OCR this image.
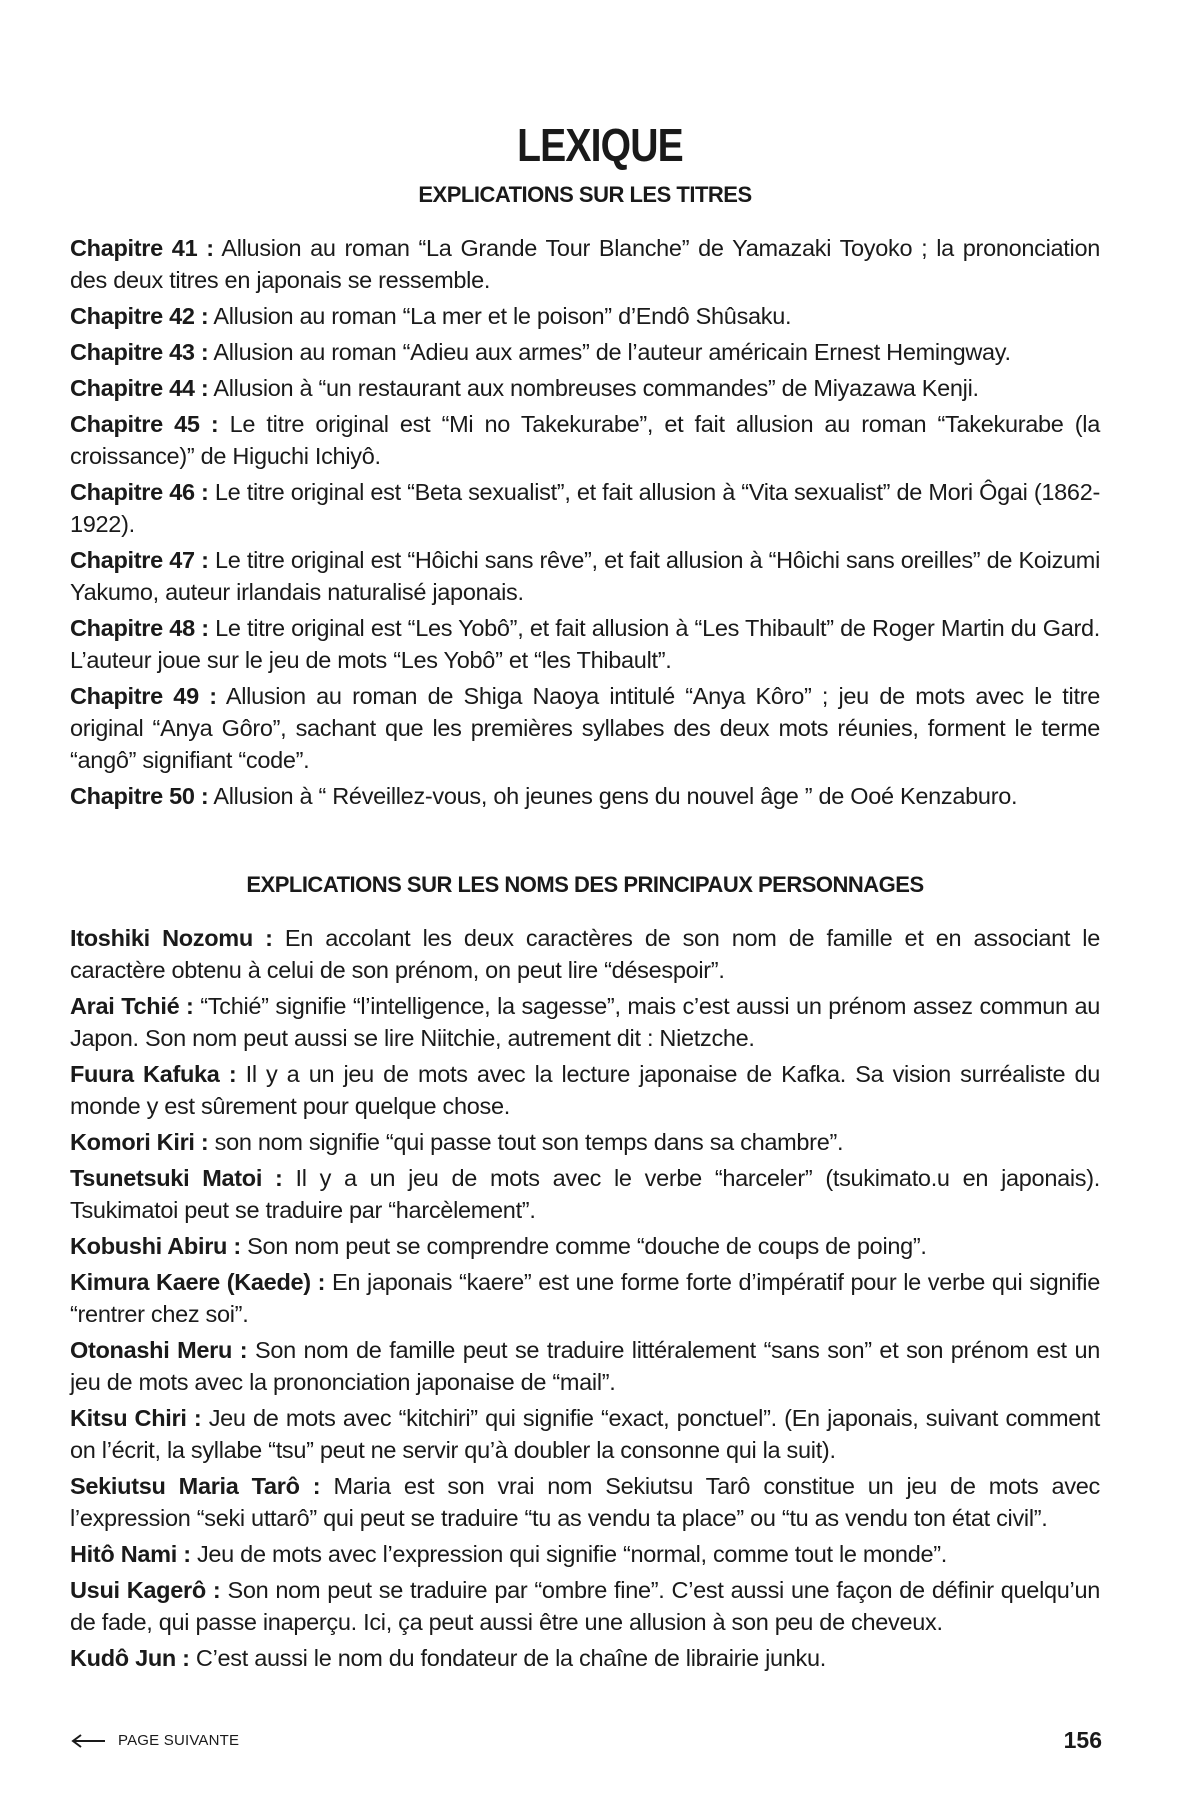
LEXIQUE
EXPLICATIONS SUR LES TITRES

Chapitre 41 : Allusion au roman “La Grande Tour Blanche” de Yamazaki Toyoko ; la prononciation des deux titres en japonais se ressemble.

Chapitre 42 : Allusion au roman “La mer et le poison” d’Endô Shûsaku.

Chapitre 43 : Allusion au roman “Adieu aux armes” de l’auteur américain Ernest Hemingway.

Chapitre 44 : Allusion à “un restaurant aux nombreuses commandes” de Miyazawa Kenji.

Chapitre 45 : Le titre original est “Mi no Takekurabe”, et fait allusion au roman “Takekurabe (la croissance)” de Higuchi Ichiyô.

Chapitre 46 : Le titre original est “Beta sexualist”, et fait allusion à “Vita sexualist” de Mori Ôgai (1862-1922).

Chapitre 47 : Le titre original est “Hôichi sans rêve”, et fait allusion à “Hôichi sans oreilles” de Koizumi Yakumo, auteur irlandais naturalisé japonais.

Chapitre 48 : Le titre original est “Les Yobô”, et fait allusion à “Les Thibault” de Roger Martin du Gard. L’auteur joue sur le jeu de mots “Les Yobô” et “les Thibault”.

Chapitre 49 : Allusion au roman de Shiga Naoya intitulé “Anya Kôro” ; jeu de mots avec le titre original “Anya Gôro”, sachant que les premières syllabes des deux mots réunies, forment le terme “angô” signifiant “code”.

Chapitre 50 : Allusion à “ Réveillez-vous, oh jeunes gens du nouvel âge ” de Ooé Kenzaburo.

EXPLICATIONS SUR LES NOMS DES PRINCIPAUX PERSONNAGES

Itoshiki Nozomu : En accolant les deux caractères de son nom de famille et en associant le caractère obtenu à celui de son prénom, on peut lire “désespoir”.

Arai Tchié : “Tchié” signifie “l’intelligence, la sagesse”, mais c’est aussi un prénom assez commun au Japon. Son nom peut aussi se lire Niitchie, autrement dit : Nietzche.

Fuura Kafuka : Il y a un jeu de mots avec la lecture japonaise de Kafka. Sa vision surréaliste du monde y est sûrement pour quelque chose.

Komori Kiri : son nom signifie “qui passe tout son temps dans sa chambre”.

Tsunetsuki Matoi : Il y a un jeu de mots avec le verbe “harceler” (tsukimato.u en japonais). Tsukimatoi peut se traduire par “harcèlement”.

Kobushi Abiru : Son nom peut se comprendre comme “douche de coups de poing”.

Kimura Kaere (Kaede) : En japonais “kaere” est une forme forte d’impératif pour le verbe qui signifie “rentrer chez soi”.

Otonashi Meru : Son nom de famille peut se traduire littéralement “sans son” et son prénom est un jeu de mots avec la prononciation japonaise de “mail”.

Kitsu Chiri : Jeu de mots avec “kitchiri” qui signifie “exact, ponctuel”. (En japonais, suivant comment on l’écrit, la syllabe “tsu” peut ne servir qu’à doubler la consonne qui la suit).

Sekiutsu Maria Tarô : Maria est son vrai nom Sekiutsu Tarô constitue un jeu de mots avec l’expression “seki uttarô” qui peut se traduire “tu as vendu ta place” ou “tu as vendu ton état civil”.

Hitô Nami : Jeu de mots avec l’expression qui signifie “normal, comme tout le monde”.

Usui Kagerô : Son nom peut se traduire par “ombre fine”. C’est aussi une façon de définir quelqu’un de fade, qui passe inaperçu. Ici, ça peut aussi être une allusion à son peu de cheveux.

Kudô Jun : C’est aussi le nom du fondateur de la chaîne de librairie junku.

PAGE SUIVANTE	156
